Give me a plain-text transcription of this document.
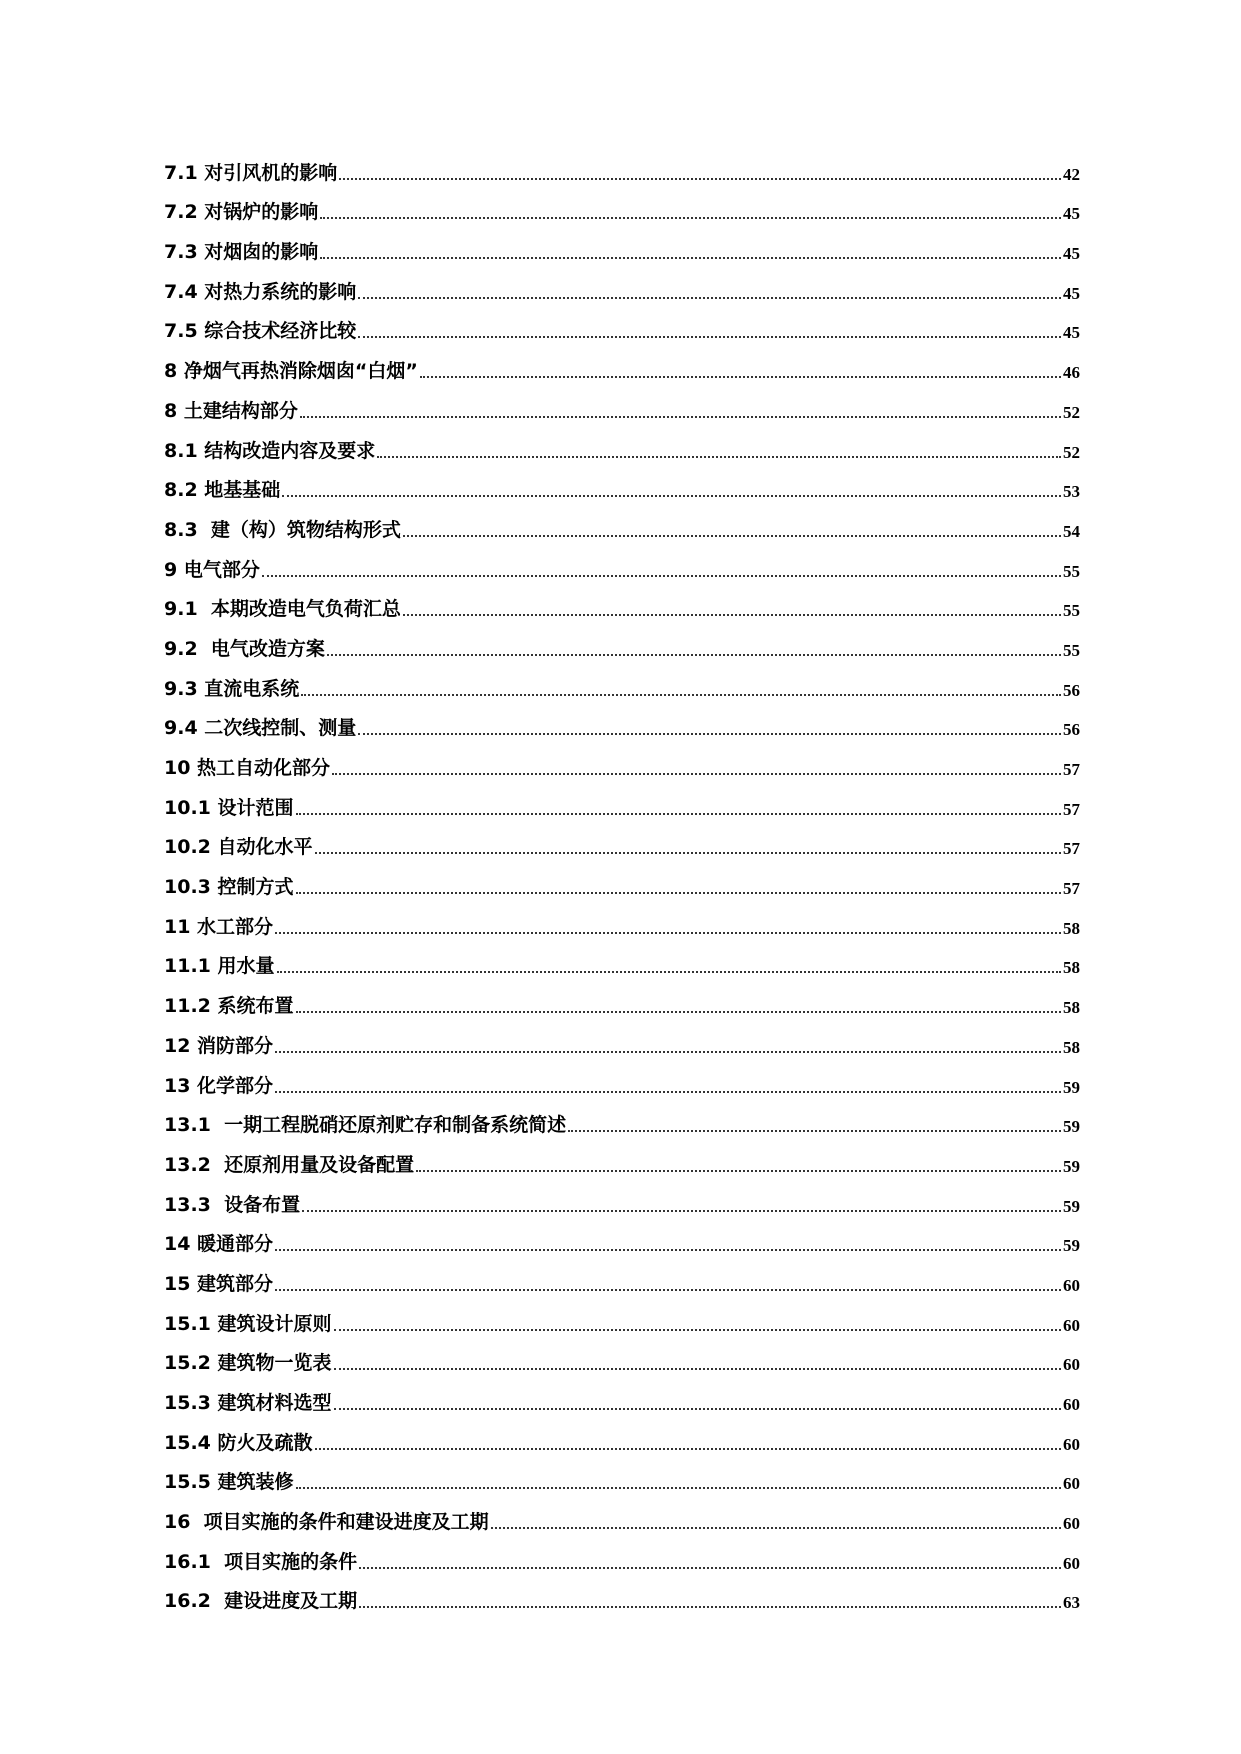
7.1 对引风机的影响	42
7.2 对锅炉的影响	45
7.3 对烟囱的影响	45
7.4 对热力系统的影响	45
7.5 综合技术经济比较	45
8 净烟气再热消除烟囱“白烟”	46
8 土建结构部分	52
8.1 结构改造内容及要求	52
8.2 地基基础	53
8.3  建（构）筑物结构形式	54
9 电气部分	55
9.1  本期改造电气负荷汇总	55
9.2  电气改造方案	55
9.3 直流电系统	56
9.4 二次线控制、测量	56
10 热工自动化部分	57
10.1 设计范围	57
10.2 自动化水平	57
10.3 控制方式	57
11 水工部分	58
11.1 用水量	58
11.2 系统布置	58
12 消防部分	58
13 化学部分	59
13.1  一期工程脱硝还原剂贮存和制备系统简述	59
13.2  还原剂用量及设备配置	59
13.3  设备布置	59
14 暖通部分	59
15 建筑部分	60
15.1 建筑设计原则	60
15.2 建筑物一览表	60
15.3 建筑材料选型	60
15.4 防火及疏散	60
15.5 建筑装修	60
16  项目实施的条件和建设进度及工期	60
16.1  项目实施的条件	60
16.2  建设进度及工期	63
